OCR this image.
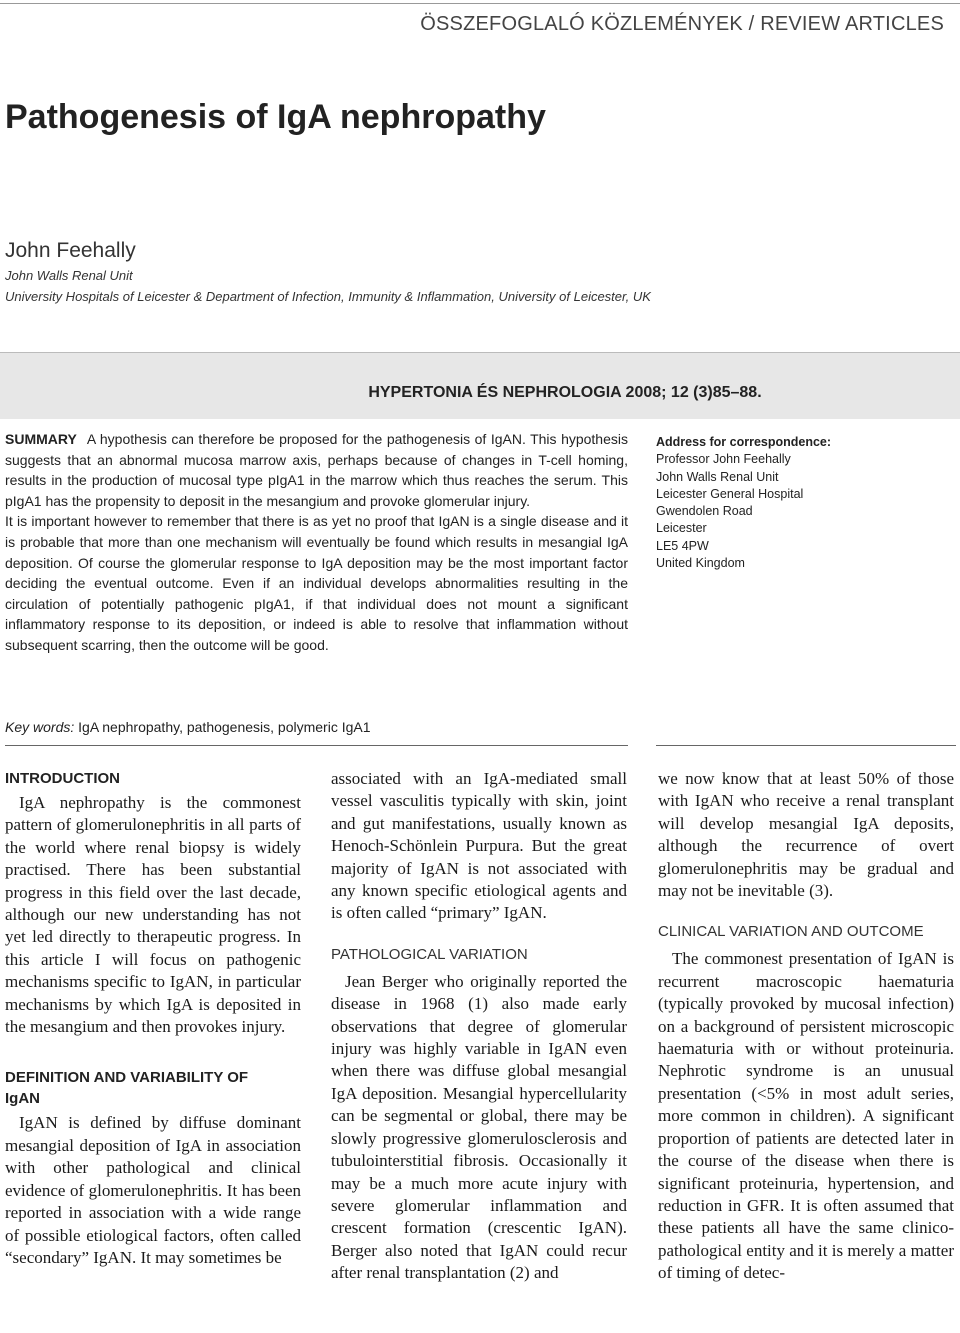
ÖSSZEFOGLALÓ KÖZLEMÉNYEK / REVIEW ARTICLES
Pathogenesis of IgA nephropathy
John Feehally
John Walls Renal Unit
University Hospitals of Leicester & Department of Infection, Immunity & Inflammation, University of Leicester, UK
HYPERTONIA ÉS NEPHROLOGIA 2008; 12 (3)85–88.

SUMMARY A hypothesis can therefore be proposed for the pathogenesis of IgAN. This hypothesis suggests that an abnormal mucosa marrow axis, perhaps because of changes in T-cell homing, results in the production of mucosal type pIgA1 in the marrow which thus reaches the serum. This pIgA1 has the propensity to deposit in the mesangium and provoke glomerular injury.

It is important however to remember that there is as yet no proof that IgAN is a single disease and it is probable that more than one mechanism will eventually be found which results in mesangial IgA deposition. Of course the glomerular response to IgA deposition may be the most important factor deciding the eventual outcome. Even if an individual develops abnormalities resulting in the circulation of potentially pathogenic pIgA1, if that individual does not mount a significant inflammatory response to its deposition, or indeed is able to resolve that inflammation without subsequent scarring, then the outcome will be good.

Address for correspondence:
Professor John Feehally
John Walls Renal Unit
Leicester General Hospital
Gwendolen Road
Leicester
LE5 4PW
United Kingdom
Key words: IgA nephropathy, pathogenesis, polymeric IgA1
INTRODUCTION

IgA nephropathy is the commonest pattern of glomerulonephritis in all parts of the world where renal biopsy is widely practised. There has been substantial progress in this field over the last decade, although our new understanding has not yet led directly to therapeutic progress. In this article I will focus on pathogenic mechanisms specific to IgAN, in particular mechanisms by which IgA is deposited in the mesangium and then provokes injury.

DEFINITION AND VARIABILITY OF IgAN

IgAN is defined by diffuse dominant mesangial deposition of IgA in association with other pathological and clinical evidence of glomerulonephritis. It has been reported in association with a wide range of possible etiological factors, often called “secondary” IgAN. It may sometimes be

associated with an IgA-mediated small vessel vasculitis typically with skin, joint and gut manifestations, usually known as Henoch-Schönlein Purpura. But the great majority of IgAN is not associated with any known specific etiological agents and is often called “primary” IgAN.

PATHOLOGICAL VARIATION

Jean Berger who originally reported the disease in 1968 (1) also made early observations that degree of glomerular injury was highly variable in IgAN even when there was diffuse global mesangial IgA deposition. Mesangial hypercellularity can be segmental or global, there may be slowly progressive glomerulosclerosis and tubulointerstitial fibrosis. Occasionally it may be a much more acute injury with severe glomerular inflammation and crescent formation (crescentic IgAN). Berger also noted that IgAN could recur after renal transplantation (2) and

we now know that at least 50% of those with IgAN who receive a renal transplant will develop mesangial IgA deposits, although the recurrence of overt glomerulonephritis may be gradual and may not be inevitable (3).

CLINICAL VARIATION AND OUTCOME

The commonest presentation of IgAN is recurrent macroscopic haematuria (typically provoked by mucosal infection) on a background of persistent microscopic haematuria with or without proteinuria. Nephrotic syndrome is an unusual presentation (<5% in most adult series, more common in children). A significant proportion of patients are detected later in the course of the disease when there is significant proteinuria, hypertension, and reduction in GFR. It is often assumed that these patients all have the same clinico-pathological entity and it is merely a matter of timing of detec-
